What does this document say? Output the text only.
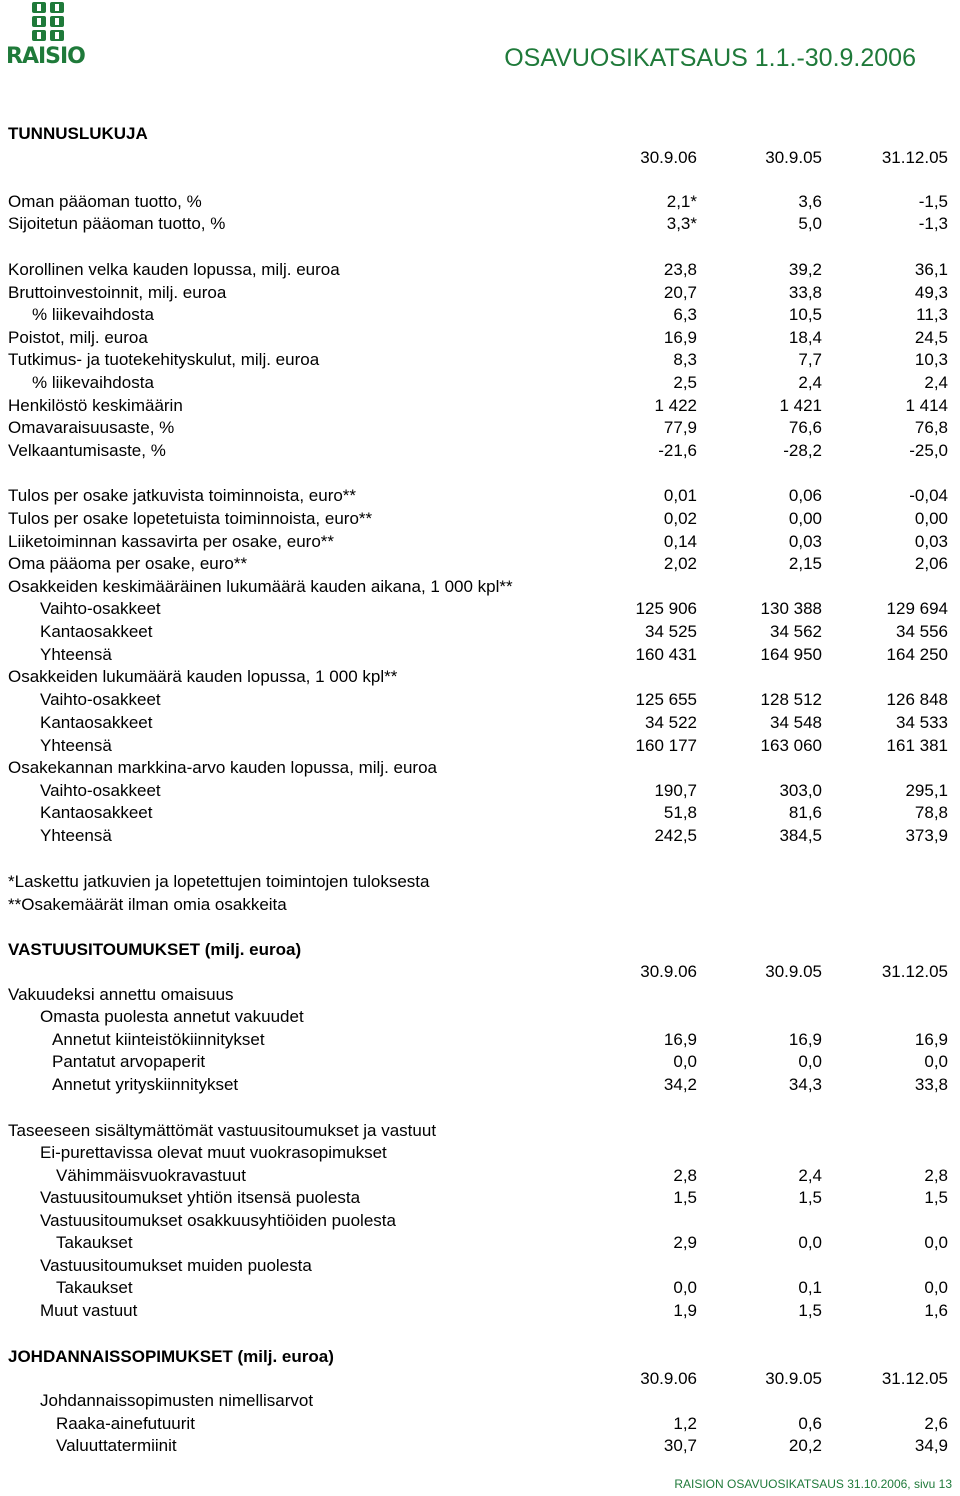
RAISIO	OSAVUOSIKATSAUS 1.1.-30.9.2006
TUNNUSLUKUJA
VASTUUSITOUMUKSET (milj. euroa)
JOHDANNAISSOPIMUKSET (milj. euroa)
30.9.06	30.9.05	31.12.05
30.9.06	30.9.05	31.12.05
30.9.06	30.9.05	31.12.05
*Laskettu jatkuvien ja lopetettujen toimintojen tuloksesta
**Osakemäärät ilman omia osakkeita
RAISION OSAVUOSIKATSAUS 31.10.2006, sivu 13
Oman pääoman tuotto, %	2,1*	3,6	-1,5
Sijoitetun pääoman tuotto, %	3,3*	5,0	-1,3
Korollinen velka kauden lopussa, milj. euroa	23,8	39,2	36,1
Bruttoinvestoinnit, milj. euroa	20,7	33,8	49,3
% liikevaihdosta	6,3	10,5	11,3
Poistot, milj. euroa	16,9	18,4	24,5
Tutkimus- ja tuotekehityskulut, milj. euroa	8,3	7,7	10,3
% liikevaihdosta	2,5	2,4	2,4
Henkilöstö keskimäärin	1 422	1 421	1 414
Omavaraisuusaste, %	77,9	76,6	76,8
Velkaantumisaste, %	-21,6	-28,2	-25,0
Tulos per osake jatkuvista toiminnoista, euro**	0,01	0,06	-0,04
Tulos per osake lopetetuista toiminnoista, euro**	0,02	0,00	0,00
Liiketoiminnan kassavirta per osake, euro**	0,14	0,03	0,03
Oma pääoma per osake, euro**	2,02	2,15	2,06
Osakkeiden keskimääräinen lukumäärä kauden aikana, 1 000 kpl**
Vaihto-osakkeet	125 906	130 388	129 694
Kantaosakkeet	34 525	34 562	34 556
Yhteensä	160 431	164 950	164 250
Osakkeiden lukumäärä kauden lopussa, 1 000 kpl**
Vaihto-osakkeet	125 655	128 512	126 848
Kantaosakkeet	34 522	34 548	34 533
Yhteensä	160 177	163 060	161 381
Osakekannan markkina-arvo kauden lopussa, milj. euroa
Vaihto-osakkeet	190,7	303,0	295,1
Kantaosakkeet	51,8	81,6	78,8
Yhteensä	242,5	384,5	373,9
Vakuudeksi annettu omaisuus
Omasta puolesta annetut vakuudet
Annetut kiinteistökiinnitykset	16,9	16,9	16,9
Pantatut arvopaperit	0,0	0,0	0,0
Annetut yrityskiinnitykset	34,2	34,3	33,8
Taseeseen sisältymättömät vastuusitoumukset ja vastuut
Ei-purettavissa olevat muut vuokrasopimukset
Vähimmäisvuokravastuut	2,8	2,4	2,8
Vastuusitoumukset yhtiön itsensä puolesta	1,5	1,5	1,5
Vastuusitoumukset osakkuusyhtiöiden puolesta
Takaukset	2,9	0,0	0,0
Vastuusitoumukset muiden puolesta
Takaukset	0,0	0,1	0,0
Muut vastuut	1,9	1,5	1,6
Johdannaissopimusten nimellisarvot
Raaka-ainefutuurit	1,2	0,6	2,6
Valuuttatermiinit	30,7	20,2	34,9
